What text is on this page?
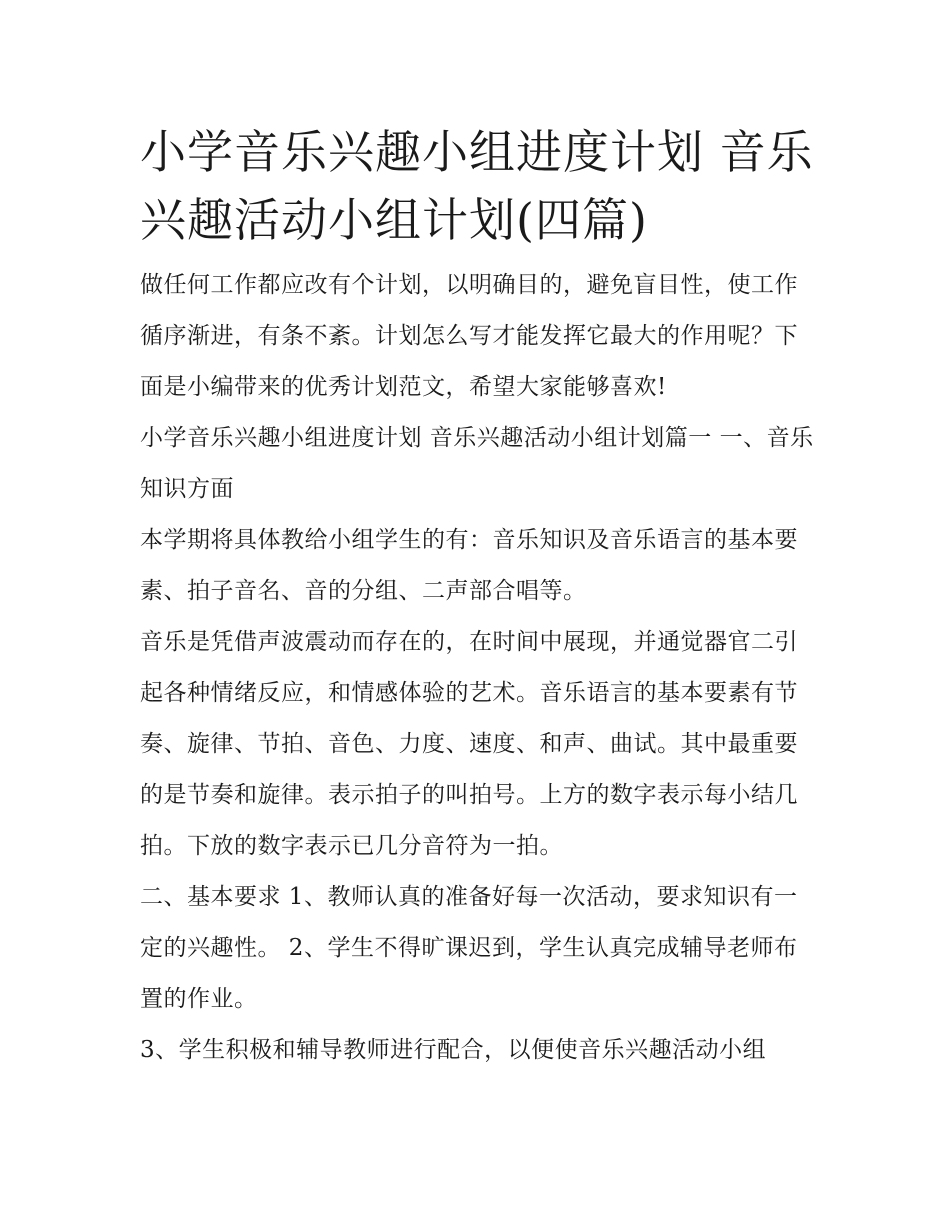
小学音乐兴趣小组进度计划 音乐兴趣活动小组计划(四篇)

做任何工作都应改有个计划，以明确目的，避免盲目性，使工作循序渐进，有条不紊。计划怎么写才能发挥它最大的作用呢？下面是小编带来的优秀计划范文，希望大家能够喜欢!

小学音乐兴趣小组进度计划 音乐兴趣活动小组计划篇一 一、音乐知识方面

本学期将具体教给小组学生的有：音乐知识及音乐语言的基本要素、拍子音名、音的分组、二声部合唱等。

音乐是凭借声波震动而存在的，在时间中展现，并通觉器官二引起各种情绪反应，和情感体验的艺术。音乐语言的基本要素有节奏、旋律、节拍、音色、力度、速度、和声、曲试。其中最重要的是节奏和旋律。表示拍子的叫拍号。上方的数字表示每小结几拍。下放的数字表示已几分音符为一拍。

二、基本要求 1、教师认真的准备好每一次活动，要求知识有一定的兴趣性。 2、学生不得旷课迟到，学生认真完成辅导老师布置的作业。

3、学生积极和辅导教师进行配合，以便使音乐兴趣活动小组
